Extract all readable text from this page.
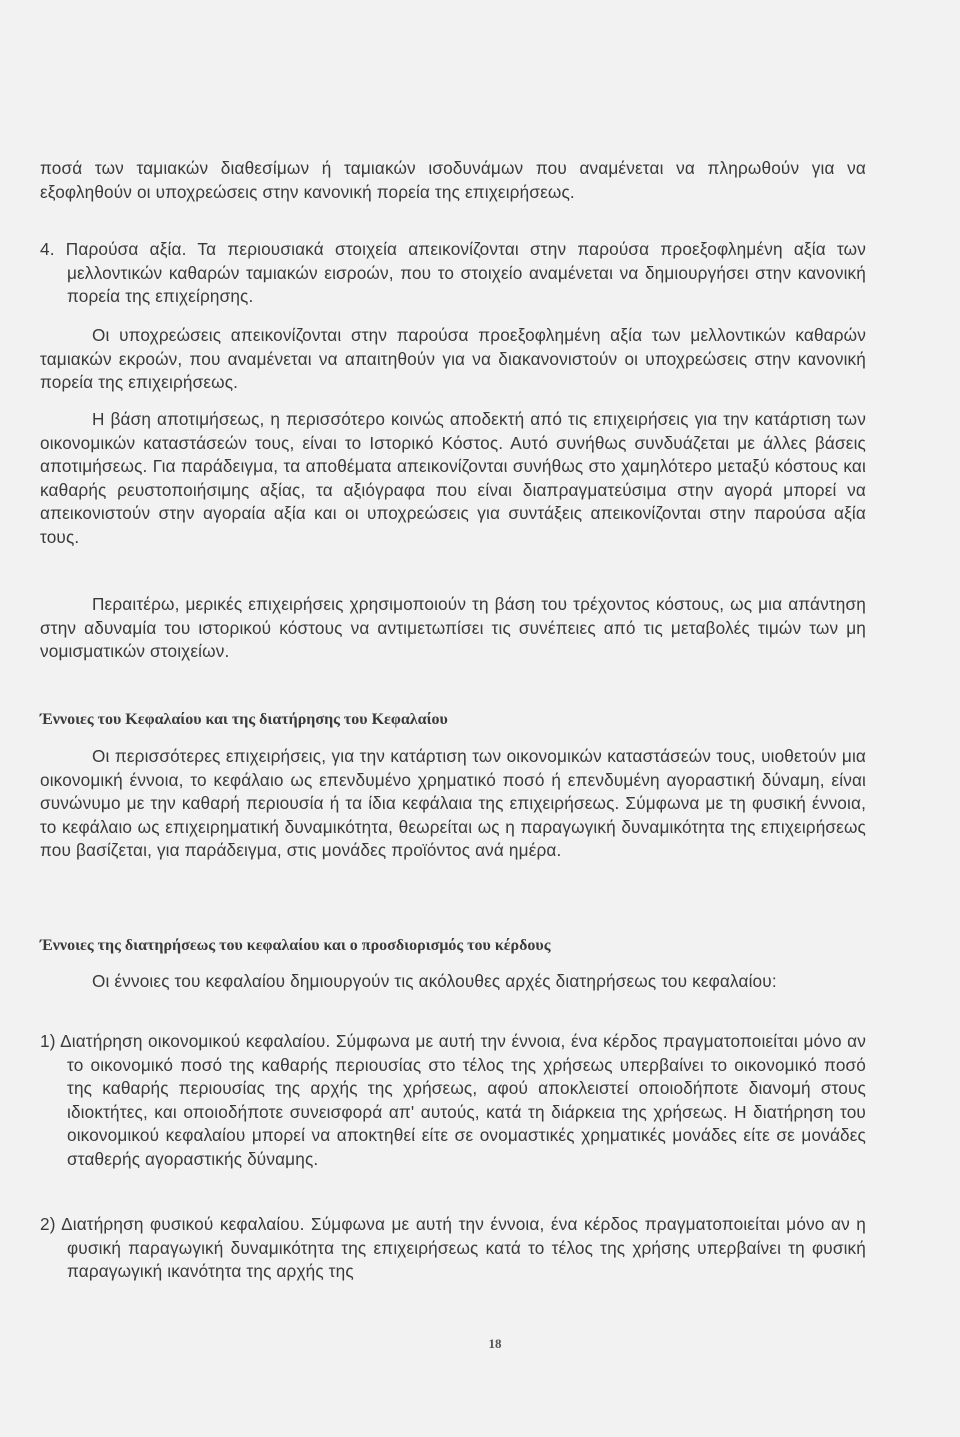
ποσά των ταμιακών διαθεσίμων ή ταμιακών ισοδυνάμων που αναμένεται να πληρωθούν για να εξοφληθούν οι υποχρεώσεις στην κανονική πορεία της επιχειρήσεως.

4. Παρούσα αξία. Τα περιουσιακά στοιχεία απεικονίζονται στην παρούσα προεξοφλημένη αξία των μελλοντικών καθαρών ταμιακών εισροών, που το στοιχείο αναμένεται να δημιουργήσει στην κανονική πορεία της επιχείρησης.

Οι υποχρεώσεις απεικονίζονται στην παρούσα προεξοφλημένη αξία των μελλοντικών καθαρών ταμιακών εκροών, που αναμένεται να απαιτηθούν για να διακανονιστούν οι υποχρεώσεις στην κανονική πορεία της επιχειρήσεως.

Η βάση αποτιμήσεως, η περισσότερο κοινώς αποδεκτή από τις επιχειρήσεις για την κατάρτιση των οικονομικών καταστάσεών τους, είναι το Ιστορικό Κόστος. Αυτό συνήθως συνδυάζεται με άλλες βάσεις αποτιμήσεως. Για παράδειγμα, τα αποθέματα απεικονίζονται συνήθως στο χαμηλότερο μεταξύ κόστους και καθαρής ρευστοποιήσιμης αξίας, τα αξιόγραφα που είναι διαπραγματεύσιμα στην αγορά μπορεί να απεικονιστούν στην αγοραία αξία και οι υποχρεώσεις για συντάξεις απεικονίζονται στην παρούσα αξία τους.

Περαιτέρω, μερικές επιχειρήσεις χρησιμοποιούν τη βάση του τρέχοντος κόστους, ως μια απάντηση στην αδυναμία του ιστορικού κόστους να αντιμετωπίσει τις συνέπειες από τις μεταβολές τιμών των μη νομισματικών στοιχείων.

Έννοιες του Κεφαλαίου και της διατήρησης του Κεφαλαίου

Οι περισσότερες επιχειρήσεις, για την κατάρτιση των οικονομικών καταστάσεών τους, υιοθετούν μια οικονομική έννοια, το κεφάλαιο ως επενδυμένο χρηματικό ποσό ή επενδυμένη αγοραστική δύναμη, είναι συνώνυμο με την καθαρή περιουσία ή τα ίδια κεφάλαια της επιχειρήσεως. Σύμφωνα με τη φυσική έννοια, το κεφάλαιο ως επιχειρηματική δυναμικότητα, θεωρείται ως η παραγωγική δυναμικότητα της επιχειρήσεως που βασίζεται, για παράδειγμα, στις μονάδες προϊόντος ανά ημέρα.

Έννοιες της διατηρήσεως του κεφαλαίου και ο προσδιορισμός του κέρδους

Οι έννοιες του κεφαλαίου δημιουργούν τις ακόλουθες αρχές διατηρήσεως του κεφαλαίου:

1) Διατήρηση οικονομικού κεφαλαίου. Σύμφωνα με αυτή την έννοια, ένα κέρδος πραγματοποιείται μόνο αν το οικονομικό ποσό της καθαρής περιουσίας στο τέλος της χρήσεως υπερβαίνει το οικονομικό ποσό της καθαρής περιουσίας της αρχής της χρήσεως, αφού αποκλειστεί οποιοδήποτε διανομή στους ιδιοκτήτες, και οποιοδήποτε συνεισφορά απ' αυτούς, κατά τη διάρκεια της χρήσεως. Η διατήρηση του οικονομικού κεφαλαίου μπορεί να αποκτηθεί είτε σε ονομαστικές χρηματικές μονάδες είτε σε μονάδες σταθερής αγοραστικής δύναμης.

2) Διατήρηση φυσικού κεφαλαίου. Σύμφωνα με αυτή την έννοια, ένα κέρδος πραγματοποιείται μόνο αν η φυσική παραγωγική δυναμικότητα της επιχειρήσεως κατά το τέλος της χρήσης υπερβαίνει τη φυσική παραγωγική ικανότητα της αρχής της

18
